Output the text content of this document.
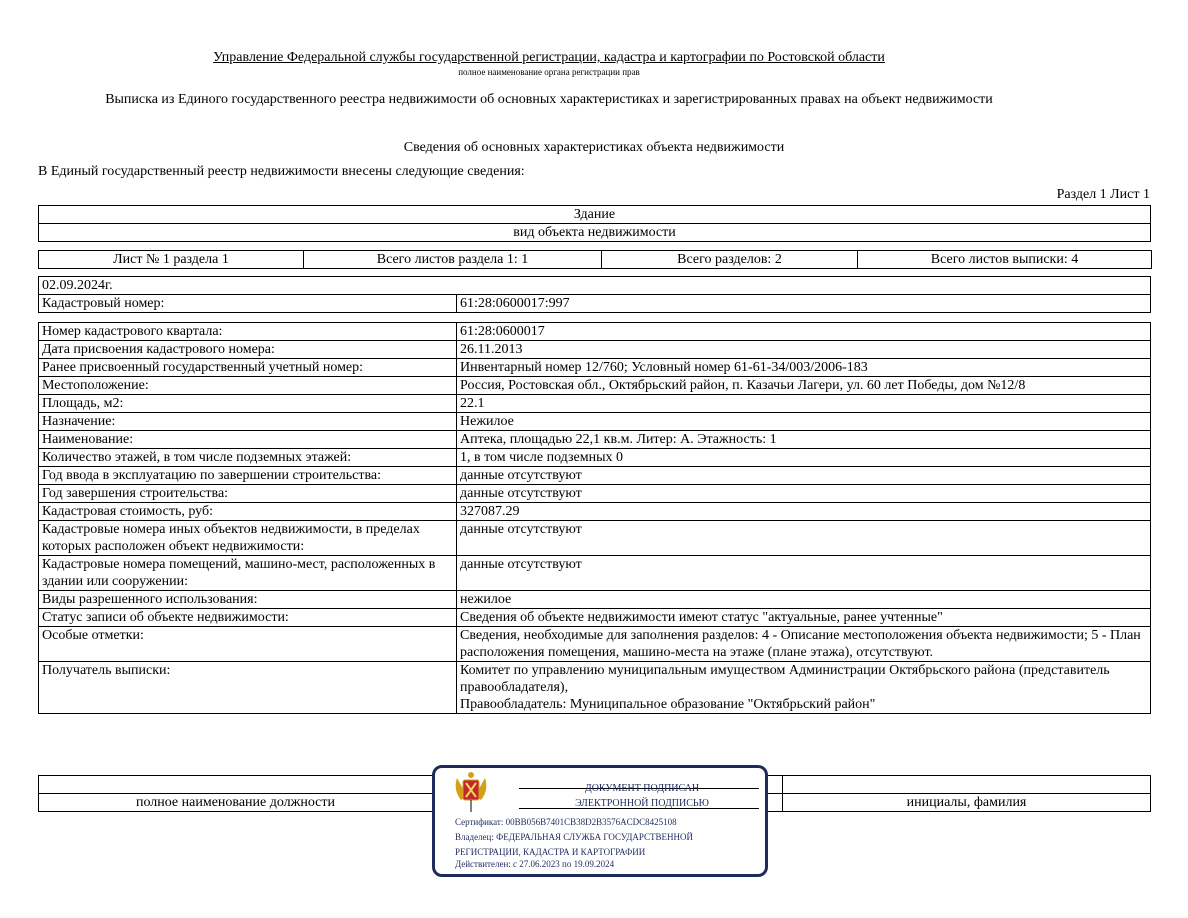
Управление Федеральной службы государственной регистрации, кадастра и картографии по Ростовской области
полное наименование органа регистрации прав
Выписка из Единого государственного реестра недвижимости об основных характеристиках и зарегистрированных правах на объект недвижимости
Сведения об основных характеристиках объекта недвижимости
В Единый государственный реестр недвижимости внесены следующие сведения:
Раздел 1 Лист 1
Здание
вид объекта недвижимости
Лист № 1 раздела 1	Всего листов раздела 1: 1	Всего разделов: 2	Всего листов выписки: 4
02.09.2024г.
Кадастровый номер:	61:28:0600017:997
Номер кадастрового квартала:	61:28:0600017
Дата присвоения кадастрового номера:	26.11.2013
Ранее присвоенный государственный учетный номер:	Инвентарный номер 12/760; Условный номер 61-61-34/003/2006-183
Местоположение:	Россия, Ростовская обл., Октябрьский район, п. Казачьи Лагери, ул. 60 лет Победы, дом №12/8
Площадь, м2:	22.1
Назначение:	Нежилое
Наименование:	Аптека, площадью 22,1 кв.м. Литер: А. Этажность: 1
Количество этажей, в том числе подземных этажей:	1, в том числе подземных 0
Год ввода в эксплуатацию по завершении строительства:	данные отсутствуют
Год завершения строительства:	данные отсутствуют
Кадастровая стоимость, руб:	327087.29
Кадастровые номера иных объектов недвижимости, в пределах которых расположен объект недвижимости:	данные отсутствуют
Кадастровые номера помещений, машино-мест, расположенных в здании или сооружении:	данные отсутствуют
Виды разрешенного использования:	нежилое
Статус записи об объекте недвижимости:	Сведения об объекте недвижимости имеют статус "актуальные, ранее учтенные"
Особые отметки:	Сведения, необходимые для заполнения разделов: 4 - Описание местоположения объекта недвижимости; 5 - План расположения помещения, машино-места на этаже (плане этажа), отсутствуют.
Получатель выписки:	Комитет по управлению муниципальным имуществом Администрации Октябрьского района (представитель правообладателя),
Правообладатель: Муниципальное образование "Октябрьский район"

полное наименование должности		инициалы, фамилия
ДОКУМЕНТ ПОДПИСАН
ЭЛЕКТРОННОЙ ПОДПИСЬЮ
Сертификат: 00BB056B7401CB38D2B3576ACDC8425108
Владелец: ФЕДЕРАЛЬНАЯ СЛУЖБА ГОСУДАРСТВЕННОЙ
РЕГИСТРАЦИИ, КАДАСТРА И КАРТОГРАФИИ
Действителен: с 27.06.2023 по 19.09.2024
